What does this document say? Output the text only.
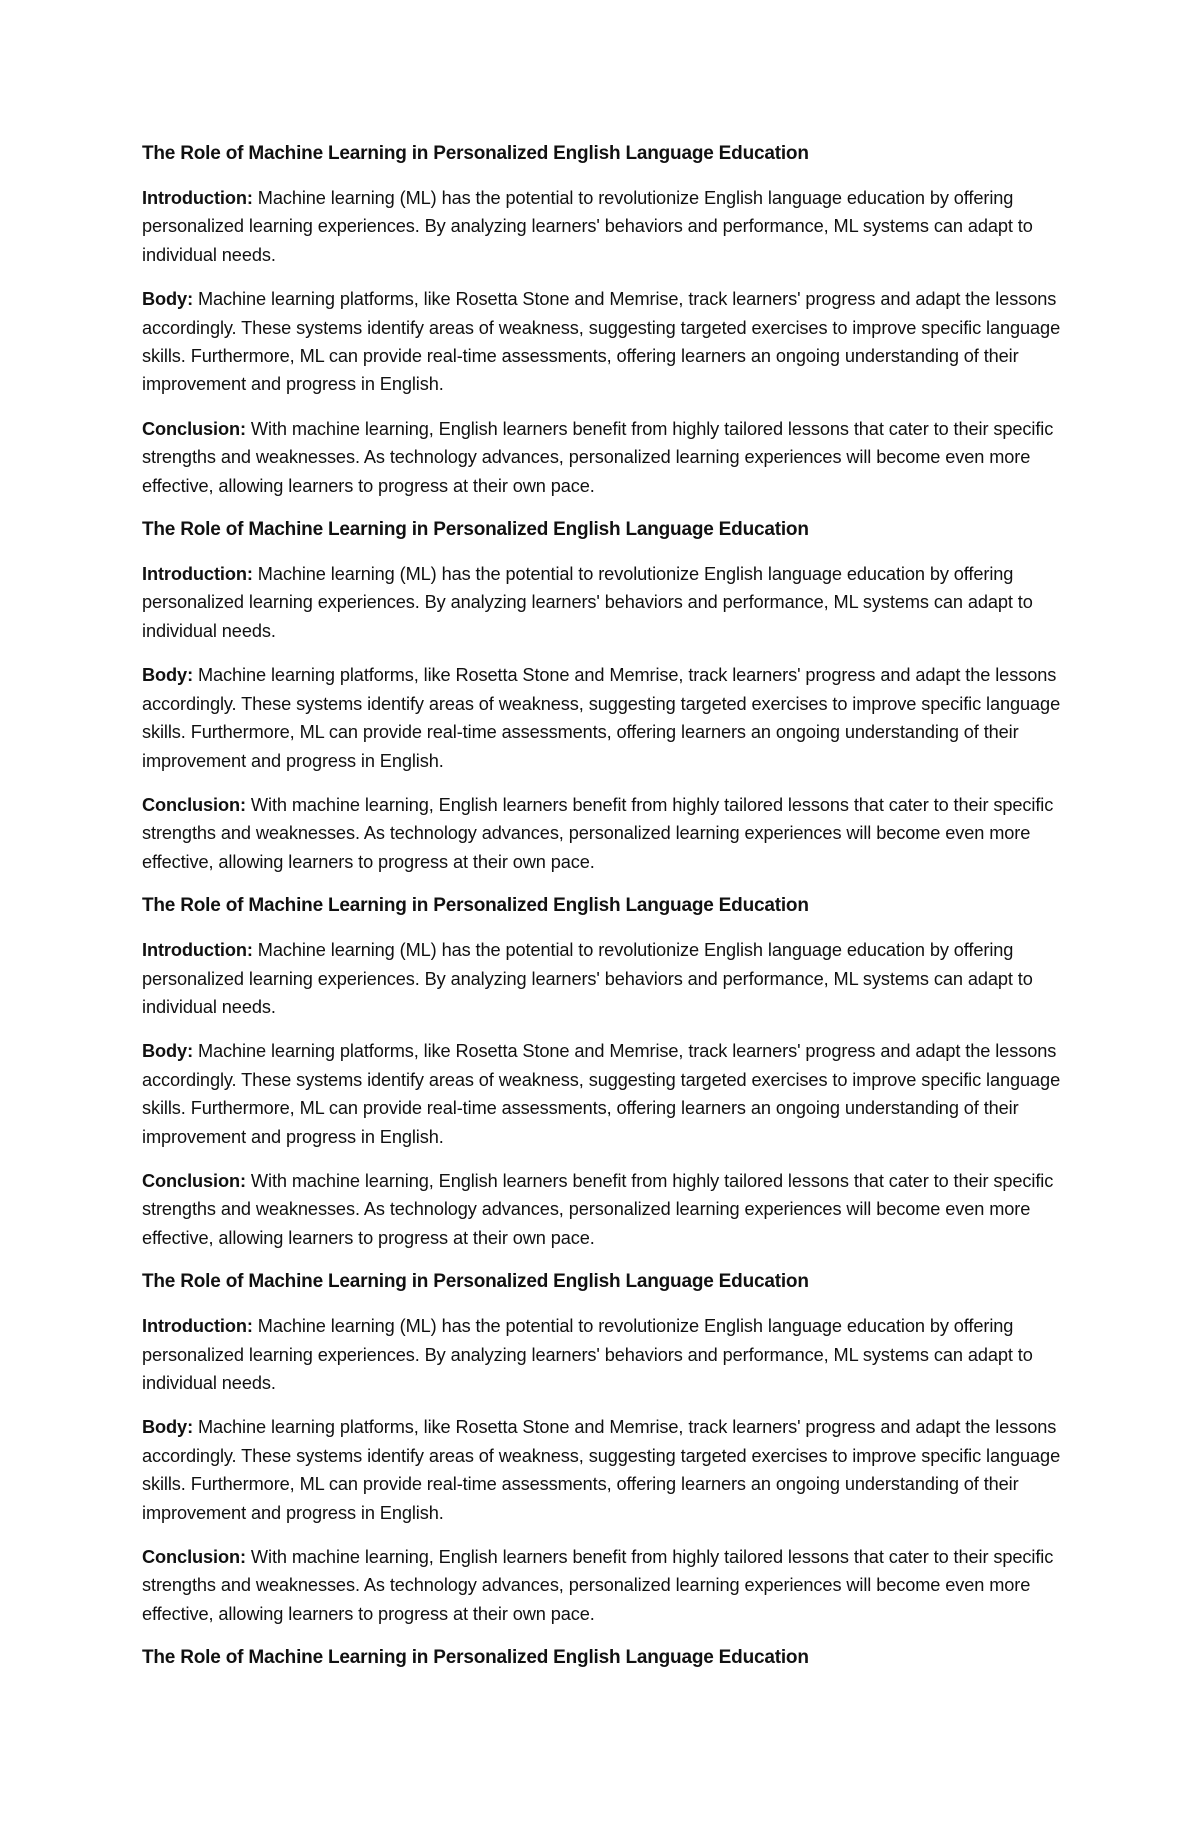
The Role of Machine Learning in Personalized English Language Education

Introduction: Machine learning (ML) has the potential to revolutionize English language education by offering personalized learning experiences. By analyzing learners' behaviors and performance, ML systems can adapt to individual needs.

Body: Machine learning platforms, like Rosetta Stone and Memrise, track learners' progress and adapt the lessons accordingly. These systems identify areas of weakness, suggesting targeted exercises to improve specific language skills. Furthermore, ML can provide real-time assessments, offering learners an ongoing understanding of their improvement and progress in English.

Conclusion: With machine learning, English learners benefit from highly tailored lessons that cater to their specific strengths and weaknesses. As technology advances, personalized learning experiences will become even more effective, allowing learners to progress at their own pace.

The Role of Machine Learning in Personalized English Language Education

Introduction: Machine learning (ML) has the potential to revolutionize English language education by offering personalized learning experiences. By analyzing learners' behaviors and performance, ML systems can adapt to individual needs.

Body: Machine learning platforms, like Rosetta Stone and Memrise, track learners' progress and adapt the lessons accordingly. These systems identify areas of weakness, suggesting targeted exercises to improve specific language skills. Furthermore, ML can provide real-time assessments, offering learners an ongoing understanding of their improvement and progress in English.

Conclusion: With machine learning, English learners benefit from highly tailored lessons that cater to their specific strengths and weaknesses. As technology advances, personalized learning experiences will become even more effective, allowing learners to progress at their own pace.

The Role of Machine Learning in Personalized English Language Education

Introduction: Machine learning (ML) has the potential to revolutionize English language education by offering personalized learning experiences. By analyzing learners' behaviors and performance, ML systems can adapt to individual needs.

Body: Machine learning platforms, like Rosetta Stone and Memrise, track learners' progress and adapt the lessons accordingly. These systems identify areas of weakness, suggesting targeted exercises to improve specific language skills. Furthermore, ML can provide real-time assessments, offering learners an ongoing understanding of their improvement and progress in English.

Conclusion: With machine learning, English learners benefit from highly tailored lessons that cater to their specific strengths and weaknesses. As technology advances, personalized learning experiences will become even more effective, allowing learners to progress at their own pace.

The Role of Machine Learning in Personalized English Language Education

Introduction: Machine learning (ML) has the potential to revolutionize English language education by offering personalized learning experiences. By analyzing learners' behaviors and performance, ML systems can adapt to individual needs.

Body: Machine learning platforms, like Rosetta Stone and Memrise, track learners' progress and adapt the lessons accordingly. These systems identify areas of weakness, suggesting targeted exercises to improve specific language skills. Furthermore, ML can provide real-time assessments, offering learners an ongoing understanding of their improvement and progress in English.

Conclusion: With machine learning, English learners benefit from highly tailored lessons that cater to their specific strengths and weaknesses. As technology advances, personalized learning experiences will become even more effective, allowing learners to progress at their own pace.

The Role of Machine Learning in Personalized English Language Education
